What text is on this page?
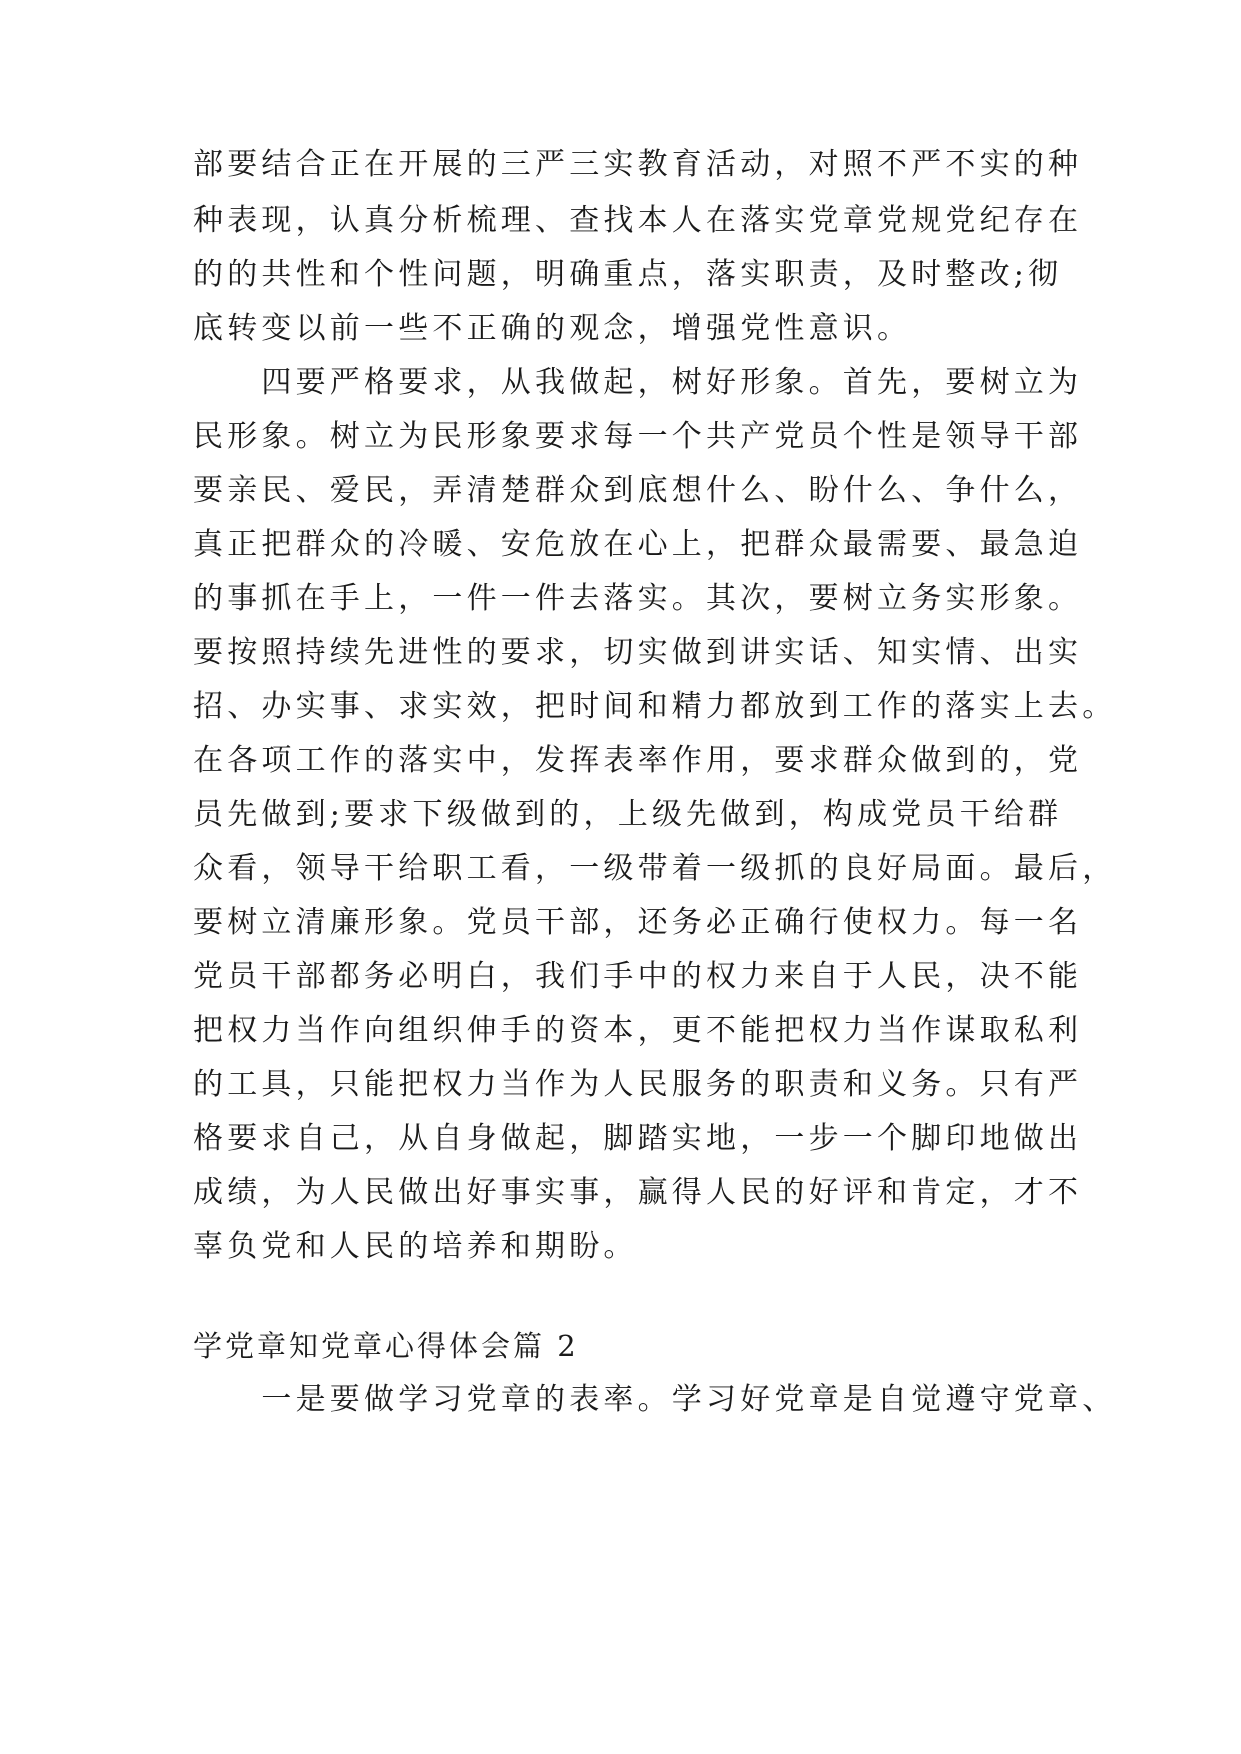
部要结合正在开展的三严三实教育活动，对照不严不实的种
种表现，认真分析梳理、查找本人在落实党章党规党纪存在
的的共性和个性问题，明确重点，落实职责，及时整改;彻
底转变以前一些不正确的观念，增强党性意识。
　　四要严格要求，从我做起，树好形象。首先，要树立为
民形象。树立为民形象要求每一个共产党员个性是领导干部
要亲民、爱民，弄清楚群众到底想什么、盼什么、争什么，
真正把群众的冷暖、安危放在心上，把群众最需要、最急迫
的事抓在手上，一件一件去落实。其次，要树立务实形象。
要按照持续先进性的要求，切实做到讲实话、知实情、出实
招、办实事、求实效，把时间和精力都放到工作的落实上去。
在各项工作的落实中，发挥表率作用，要求群众做到的，党
员先做到;要求下级做到的，上级先做到，构成党员干给群
众看，领导干给职工看，一级带着一级抓的良好局面。最后，
要树立清廉形象。党员干部，还务必正确行使权力。每一名
党员干部都务必明白，我们手中的权力来自于人民，决不能
把权力当作向组织伸手的资本，更不能把权力当作谋取私利
的工具，只能把权力当作为人民服务的职责和义务。只有严
格要求自己，从自身做起，脚踏实地，一步一个脚印地做出
成绩，为人民做出好事实事，赢得人民的好评和肯定，才不
辜负党和人民的培养和期盼。
学党章知党章心得体会篇 2
　　一是要做学习党章的表率。学习好党章是自觉遵守党章、
